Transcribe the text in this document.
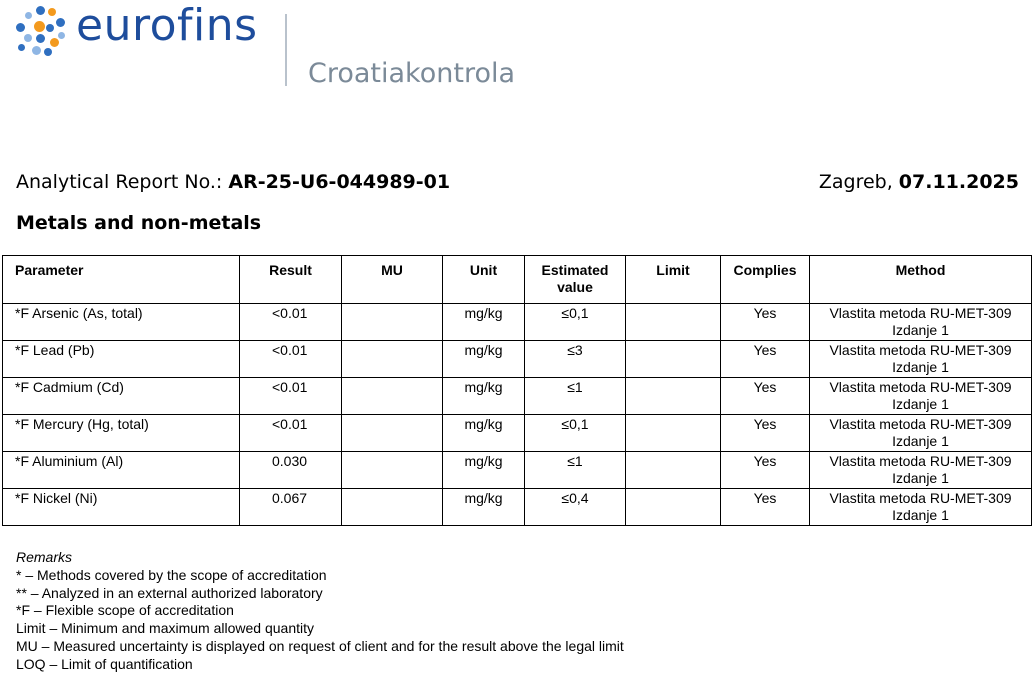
eurofins
Croatiakontrola
Analytical Report No.: AR-25-U6-044989-01	Zagreb, 07.11.2025
Metals and non-metals
Parameter	Result	MU	Unit	Estimated
value	Limit	Complies	Method
*F Arsenic (As, total)	<0.01		mg/kg	≤0,1		Yes	Vlastita metoda RU-MET-309
Izdanje 1
*F Lead (Pb)	<0.01		mg/kg	≤3		Yes	Vlastita metoda RU-MET-309
Izdanje 1
*F Cadmium (Cd)	<0.01		mg/kg	≤1		Yes	Vlastita metoda RU-MET-309
Izdanje 1
*F Mercury (Hg, total)	<0.01		mg/kg	≤0,1		Yes	Vlastita metoda RU-MET-309
Izdanje 1
*F Aluminium (Al)	0.030		mg/kg	≤1		Yes	Vlastita metoda RU-MET-309
Izdanje 1
*F Nickel (Ni)	0.067		mg/kg	≤0,4		Yes	Vlastita metoda RU-MET-309
Izdanje 1
Remarks
* – Methods covered by the scope of accreditation
** – Analyzed in an external authorized laboratory
*F – Flexible scope of accreditation
Limit – Minimum and maximum allowed quantity
MU – Measured uncertainty is displayed on request of client and for the result above the legal limit
LOQ – Limit of quantification
